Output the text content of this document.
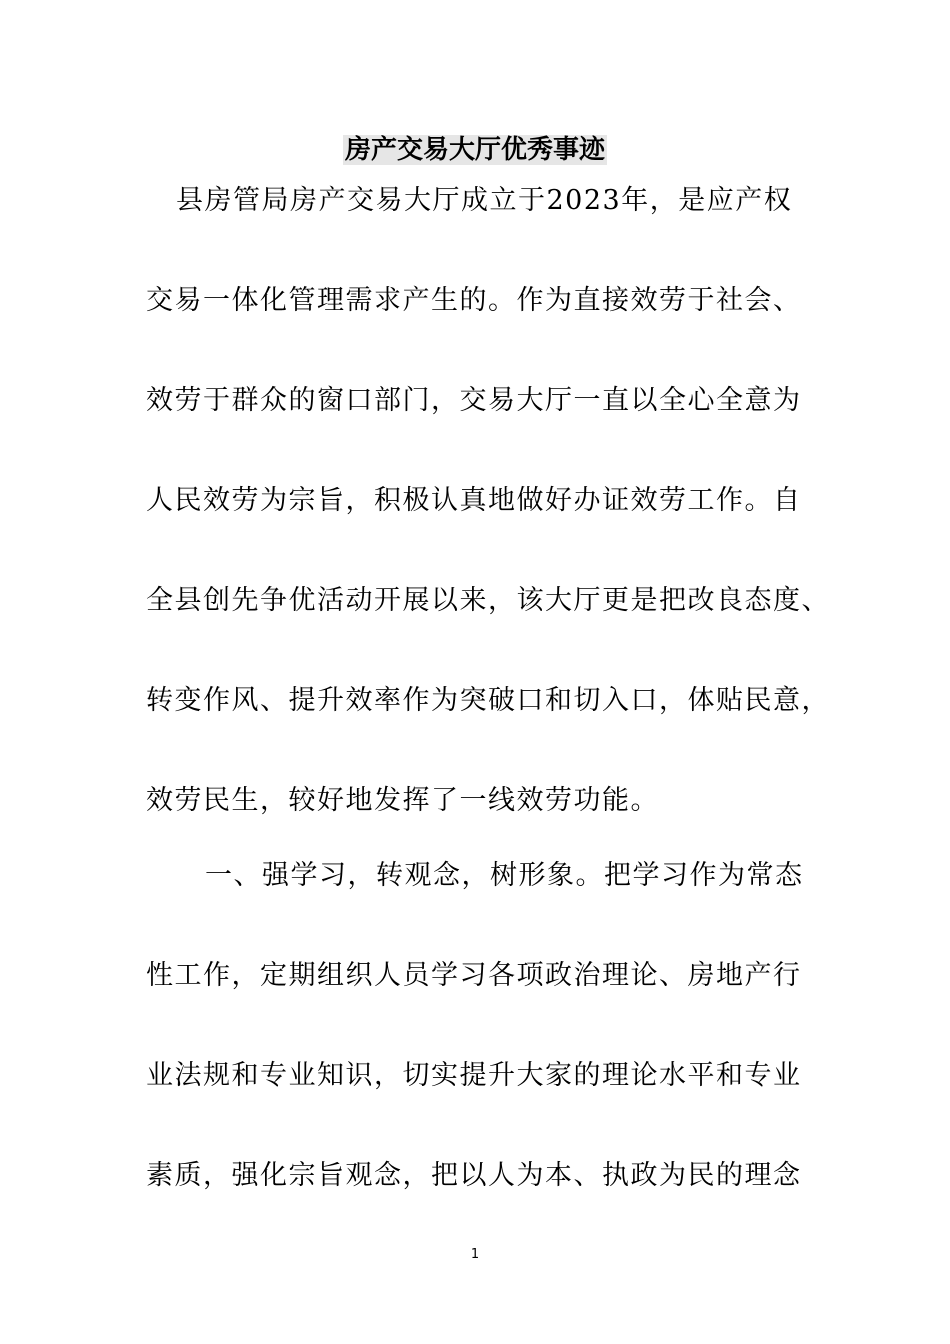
房产交易大厅优秀事迹

县房管局房产交易大厅成立于2023年，是应产权

交易一体化管理需求产生的。作为直接效劳于社会、

效劳于群众的窗口部门，交易大厅一直以全心全意为

人民效劳为宗旨，积极认真地做好办证效劳工作。自

全县创先争优活动开展以来，该大厅更是把改良态度、

转变作风、提升效率作为突破口和切入口，体贴民意，

效劳民生，较好地发挥了一线效劳功能。

一、强学习，转观念，树形象。把学习作为常态

性工作，定期组织人员学习各项政治理论、房地产行

业法规和专业知识，切实提升大家的理论水平和专业

素质，强化宗旨观念，把以人为本、执政为民的理念

1
